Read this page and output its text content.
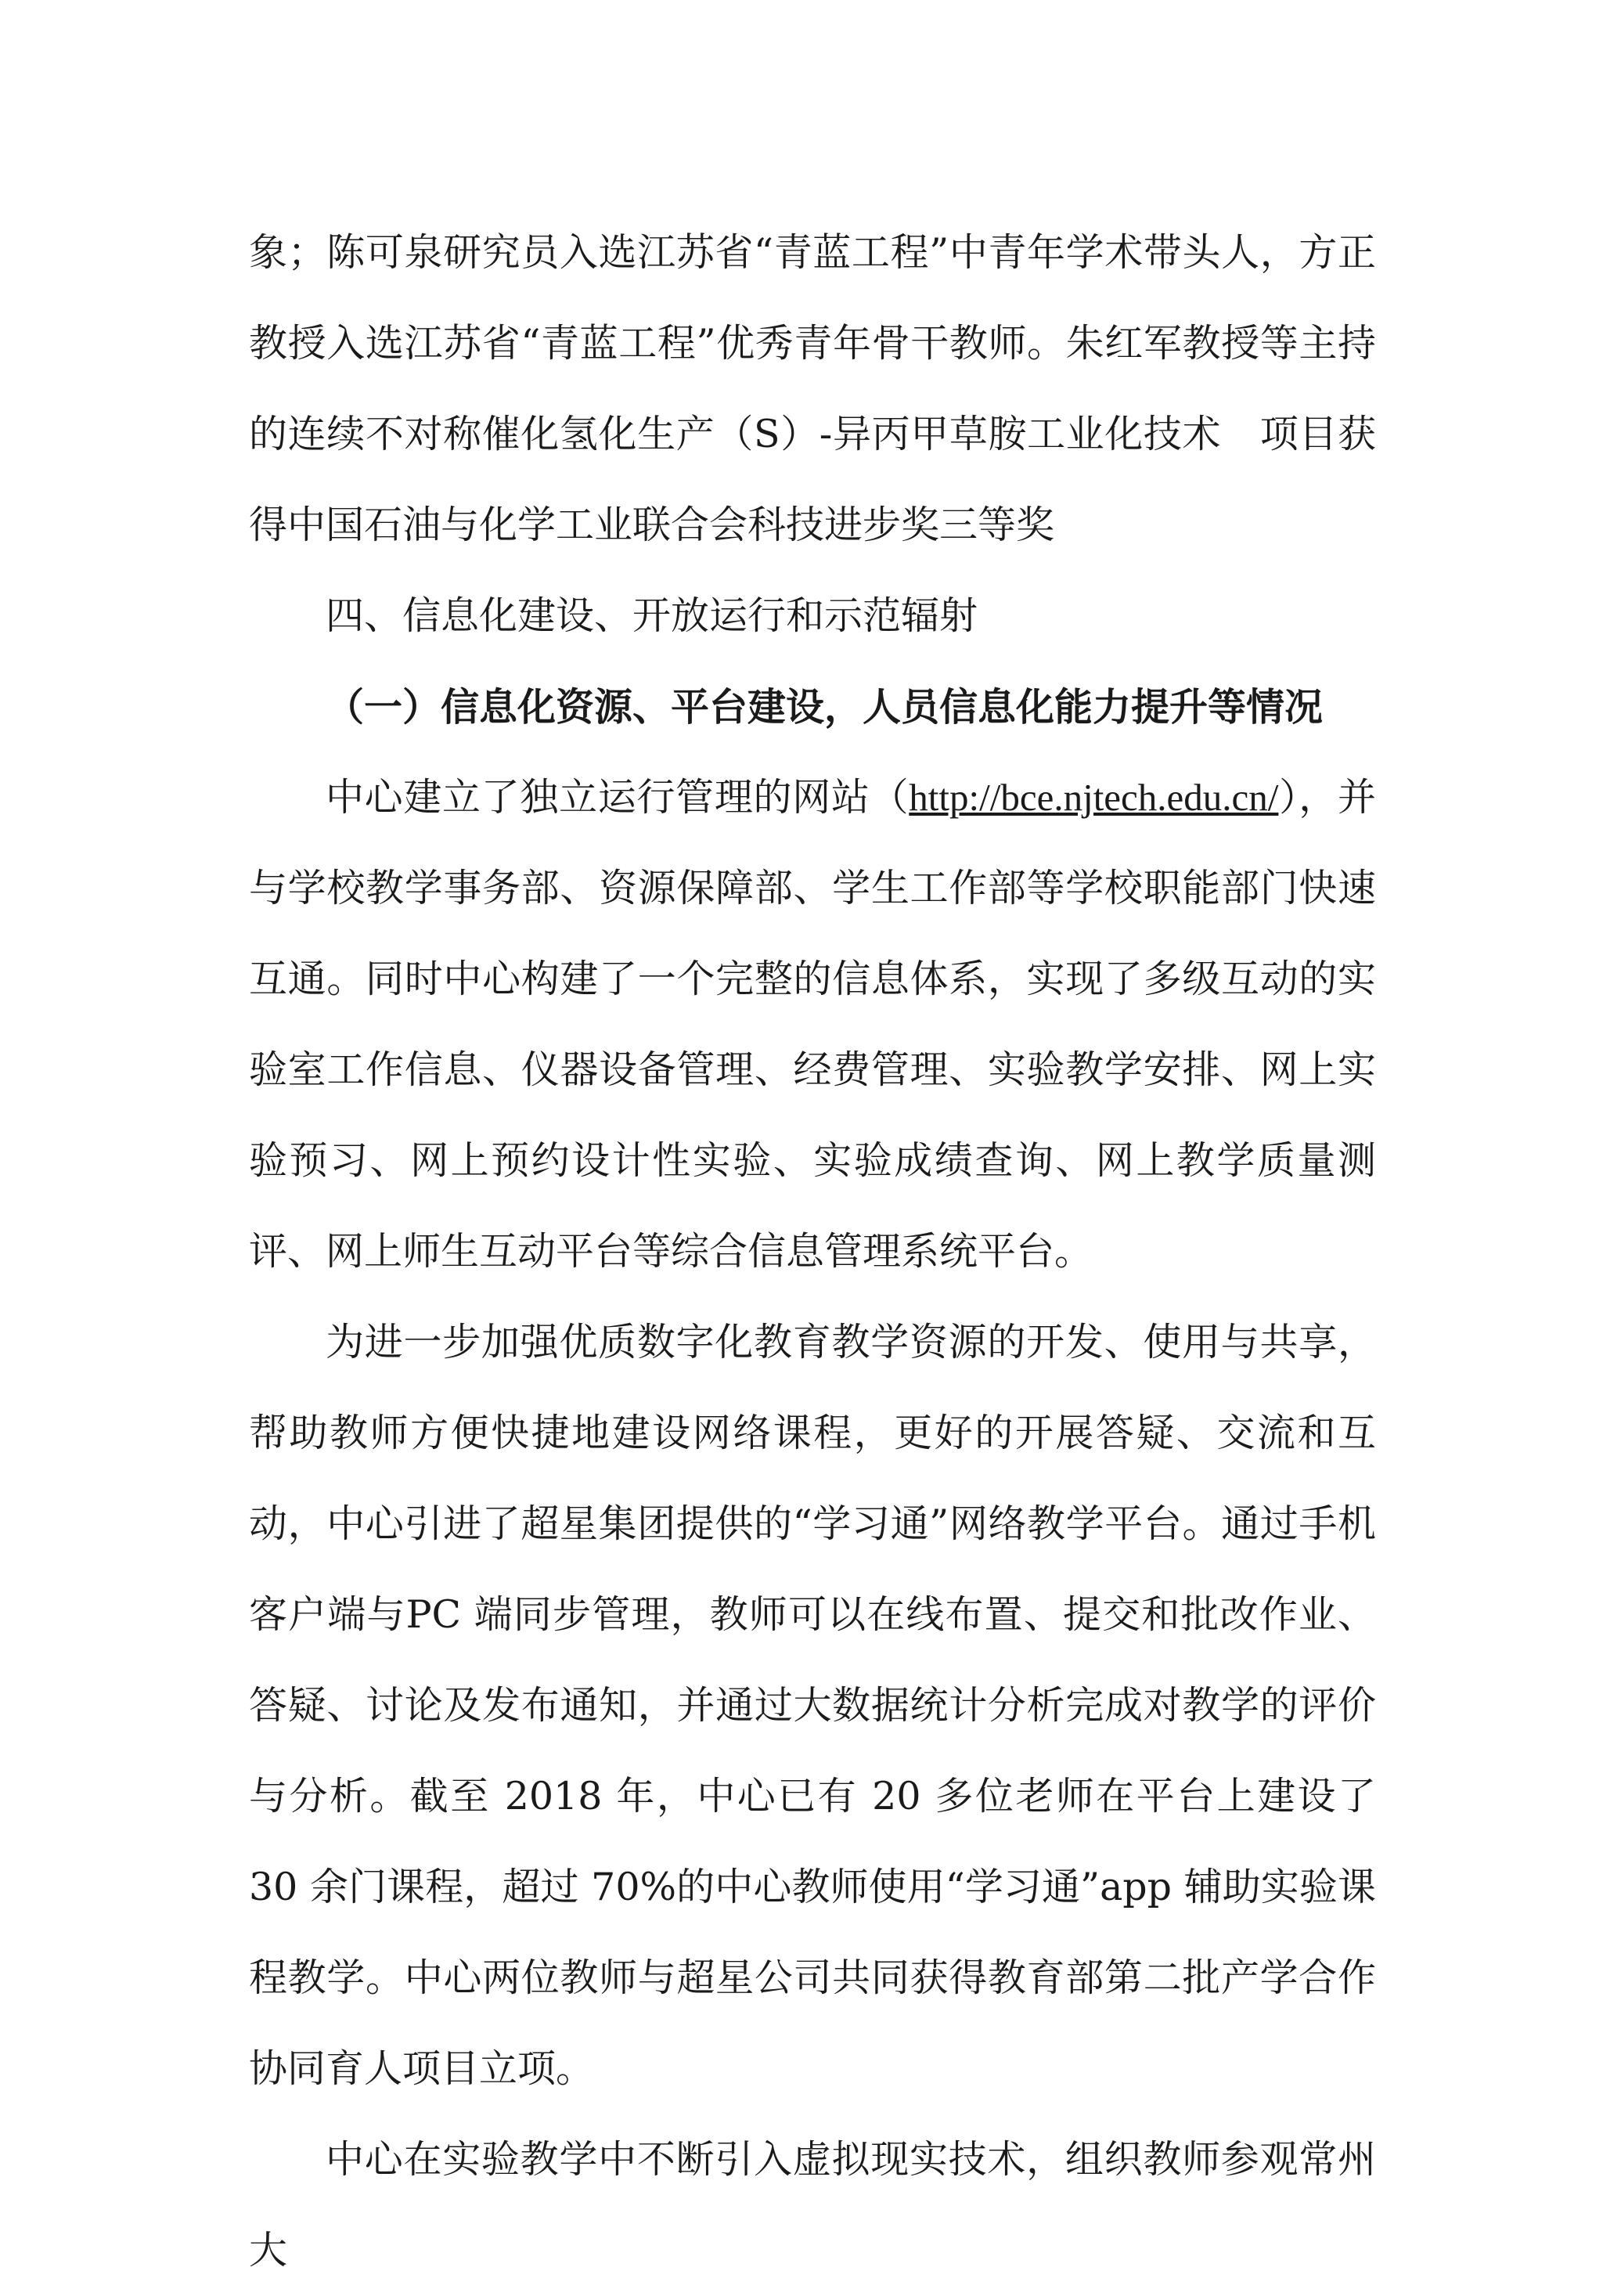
象；陈可泉研究员入选江苏省“青蓝工程”中青年学术带头人，方正教授入选江苏省“青蓝工程”优秀青年骨干教师。朱红军教授等主持的连续不对称催化氢化生产（S）-异丙甲草胺工业化技术　项目获得中国石油与化学工业联合会科技进步奖三等奖

四、信息化建设、开放运行和示范辐射
（一）信息化资源、平台建设，人员信息化能力提升等情况

中心建立了独立运行管理的网站（http://bce.njtech.edu.cn/），并与学校教学事务部、资源保障部、学生工作部等学校职能部门快速互通。同时中心构建了一个完整的信息体系，实现了多级互动的实验室工作信息、仪器设备管理、经费管理、实验教学安排、网上实验预习、网上预约设计性实验、实验成绩查询、网上教学质量测评、网上师生互动平台等综合信息管理系统平台。

为进一步加强优质数字化教育教学资源的开发、使用与共享，帮助教师方便快捷地建设网络课程，更好的开展答疑、交流和互动，中心引进了超星集团提供的“学习通”网络教学平台。通过手机客户端与PC 端同步管理，教师可以在线布置、提交和批改作业、答疑、讨论及发布通知，并通过大数据统计分析完成对教学的评价与分析。截至 2018 年，中心已有 20 多位老师在平台上建设了 30 余门课程，超过 70%的中心教师使用“学习通”app 辅助实验课程教学。中心两位教师与超星公司共同获得教育部第二批产学合作协同育人项目立项。

中心在实验教学中不断引入虚拟现实技术，组织教师参观常州大
